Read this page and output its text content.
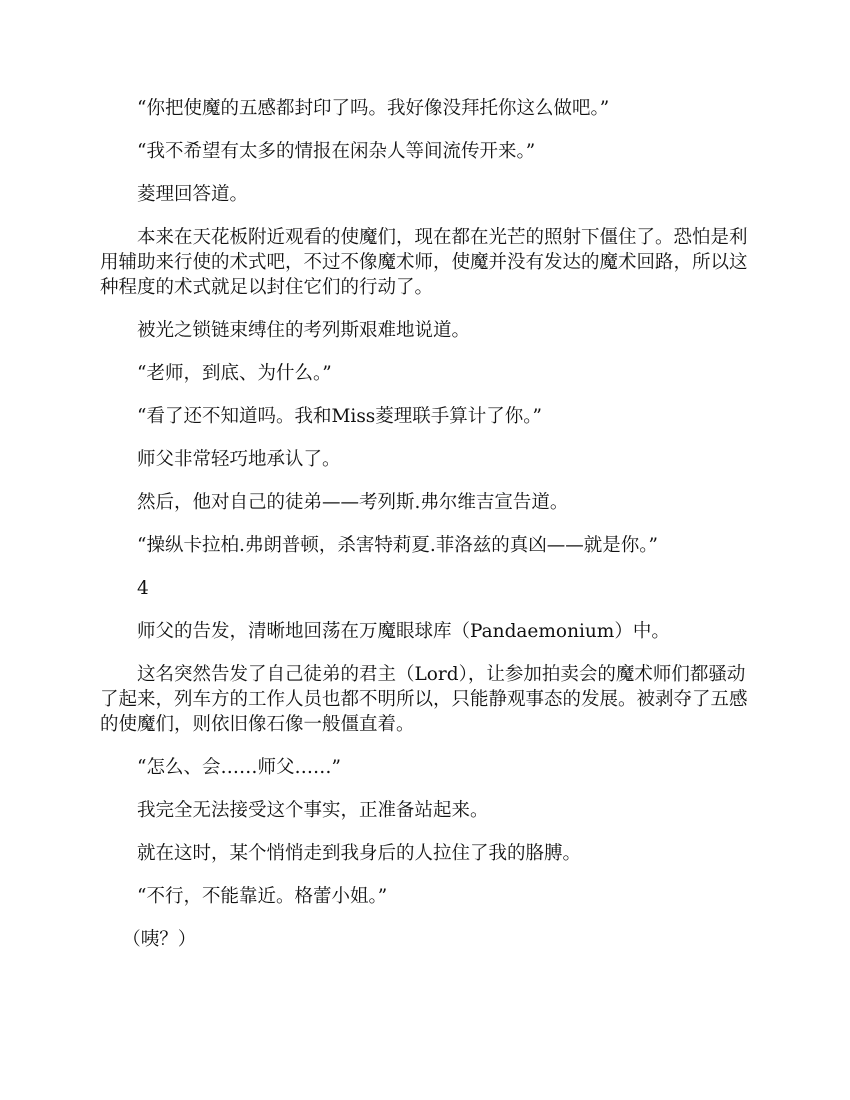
“你把使魔的五感都封印了吗。我好像没拜托你这么做吧。”

“我不希望有太多的情报在闲杂人等间流传开来。”

菱理回答道。

本来在天花板附近观看的使魔们，现在都在光芒的照射下僵住了。恐怕是利用辅助来行使的术式吧，不过不像魔术师，使魔并没有发达的魔术回路，所以这种程度的术式就足以封住它们的行动了。

被光之锁链束缚住的考列斯艰难地说道。

“老师，到底、为什么。”

“看了还不知道吗。我和Miss菱理联手算计了你。”

师父非常轻巧地承认了。

然后，他对自己的徒弟——考列斯.弗尔维吉宣告道。

“操纵卡拉柏.弗朗普顿，杀害特莉夏.菲洛兹的真凶——就是你。”

4

师父的告发，清晰地回荡在万魔眼球库（Pandaemonium）中。

这名突然告发了自己徒弟的君主（Lord），让参加拍卖会的魔术师们都骚动了起来，列车方的工作人员也都不明所以，只能静观事态的发展。被剥夺了五感的使魔们，则依旧像石像一般僵直着。

“怎么、会……师父……”

我完全无法接受这个事实，正准备站起来。

就在这时，某个悄悄走到我身后的人拉住了我的胳膊。

“不行，不能靠近。格蕾小姐。”

（咦？）
